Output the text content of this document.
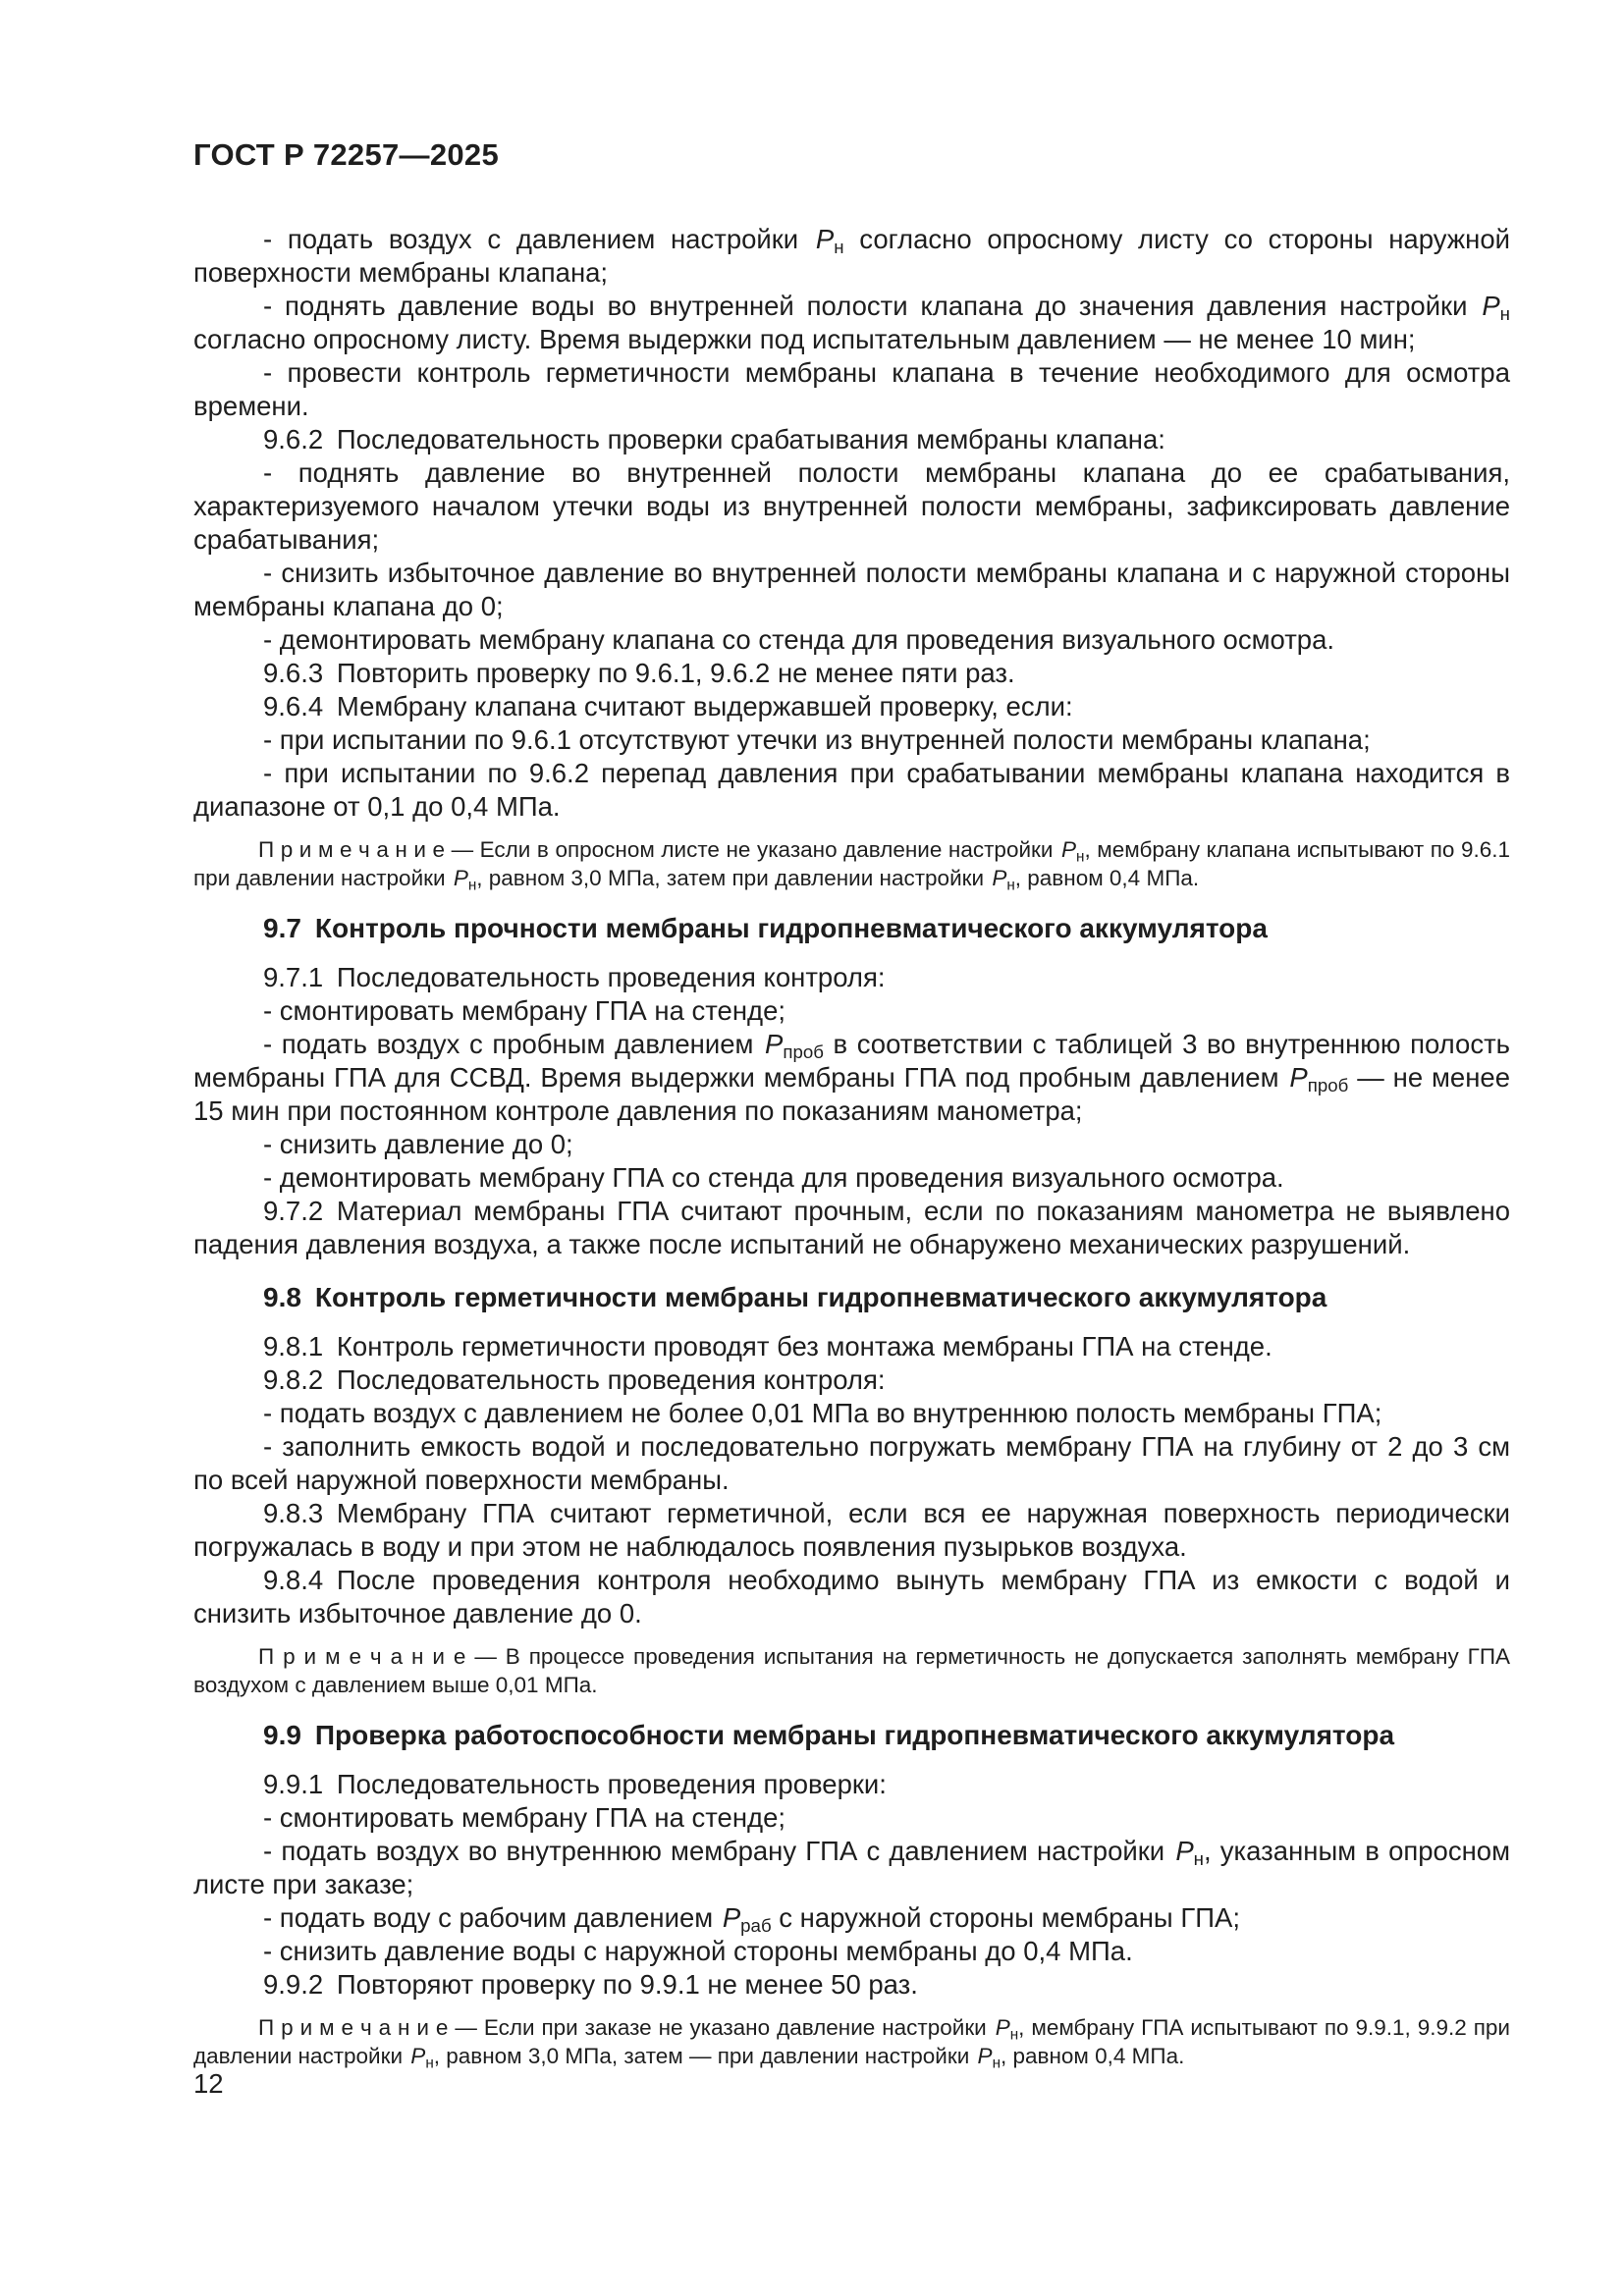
ГОСТ Р 72257—2025

- подать воздух с давлением настройки $P_н$ согласно опросному листу со стороны наружной поверхности мембраны клапана;

- поднять давление воды во внутренней полости клапана до значения давления настройки $P_н$ согласно опросному листу. Время выдержки под испытательным давлением — не менее 10 мин;

- провести контроль герметичности мембраны клапана в течение необходимого для осмотра времени.

9.6.2 Последовательность проверки срабатывания мембраны клапана:

- поднять давление во внутренней полости мембраны клапана до ее срабатывания, характеризуемого началом утечки воды из внутренней полости мембраны, зафиксировать давление срабатывания;

- снизить избыточное давление во внутренней полости мембраны клапана и с наружной стороны мембраны клапана до 0;

- демонтировать мембрану клапана со стенда для проведения визуального осмотра.

9.6.3 Повторить проверку по 9.6.1, 9.6.2 не менее пяти раз.

9.6.4 Мембрану клапана считают выдержавшей проверку, если:

- при испытании по 9.6.1 отсутствуют утечки из внутренней полости мембраны клапана;

- при испытании по 9.6.2 перепад давления при срабатывании мембраны клапана находится в диапазоне от 0,1 до 0,4 МПа.

П р и м е ч а н и е — Если в опросном листе не указано давление настройки $P_н$, мембрану клапана испытывают по 9.6.1 при давлении настройки $P_н$, равном 3,0 МПа, затем при давлении настройки $P_н$, равном 0,4 МПа.

9.7 Контроль прочности мембраны гидропневматического аккумулятора

9.7.1 Последовательность проведения контроля:

- смонтировать мембрану ГПА на стенде;

- подать воздух с пробным давлением $P_{проб}$ в соответствии с таблицей 3 во внутреннюю полость мембраны ГПА для ССВД. Время выдержки мембраны ГПА под пробным давлением $P_{проб}$ — не менее 15 мин при постоянном контроле давления по показаниям манометра;

- снизить давление до 0;

- демонтировать мембрану ГПА со стенда для проведения визуального осмотра.

9.7.2 Материал мембраны ГПА считают прочным, если по показаниям манометра не выявлено падения давления воздуха, а также после испытаний не обнаружено механических разрушений.

9.8 Контроль герметичности мембраны гидропневматического аккумулятора

9.8.1 Контроль герметичности проводят без монтажа мембраны ГПА на стенде.

9.8.2 Последовательность проведения контроля:

- подать воздух с давлением не более 0,01 МПа во внутреннюю полость мембраны ГПА;

- заполнить емкость водой и последовательно погружать мембрану ГПА на глубину от 2 до 3 см по всей наружной поверхности мембраны.

9.8.3 Мембрану ГПА считают герметичной, если вся ее наружная поверхность периодически погружалась в воду и при этом не наблюдалось появления пузырьков воздуха.

9.8.4 После проведения контроля необходимо вынуть мембрану ГПА из емкости с водой и снизить избыточное давление до 0.

П р и м е ч а н и е — В процессе проведения испытания на герметичность не допускается заполнять мембрану ГПА воздухом с давлением выше 0,01 МПа.

9.9 Проверка работоспособности мембраны гидропневматического аккумулятора

9.9.1 Последовательность проведения проверки:

- смонтировать мембрану ГПА на стенде;

- подать воздух во внутреннюю мембрану ГПА с давлением настройки $P_н$, указанным в опросном листе при заказе;

- подать воду с рабочим давлением $P_{раб}$ с наружной стороны мембраны ГПА;

- снизить давление воды с наружной стороны мембраны до 0,4 МПа.

9.9.2 Повторяют проверку по 9.9.1 не менее 50 раз.

П р и м е ч а н и е — Если при заказе не указано давление настройки $P_н$, мембрану ГПА испытывают по 9.9.1, 9.9.2 при давлении настройки $P_н$, равном 3,0 МПа, затем — при давлении настройки $P_н$, равном 0,4 МПа.

12
